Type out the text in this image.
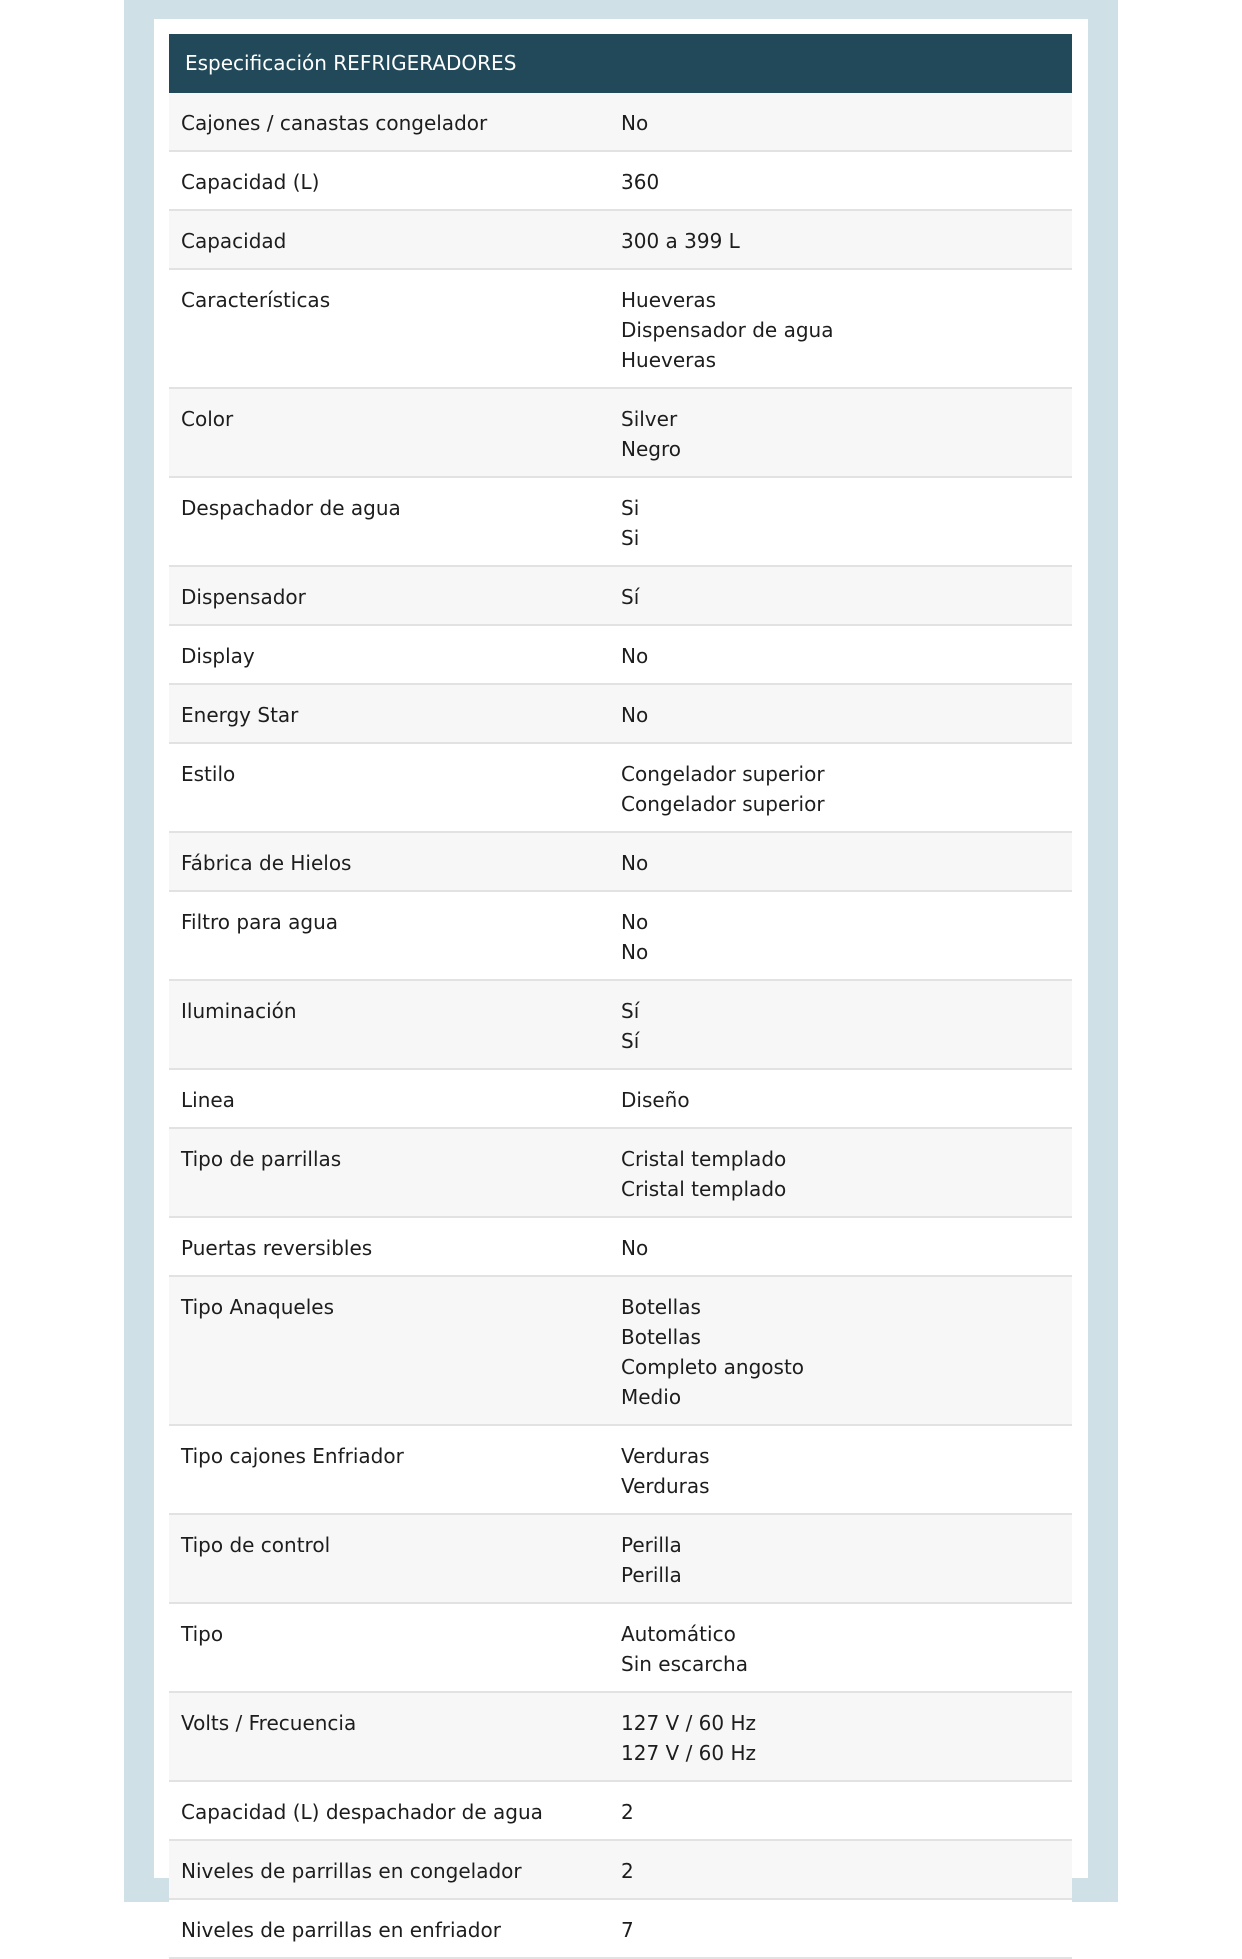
Especificación REFRIGERADORES
Cajones / canastas congelador	No
Capacidad (L)	360
Capacidad	300 a 399 L
Características	Hueveras
Dispensador de agua
Hueveras
Color	Silver
Negro
Despachador de agua	Si
Si
Dispensador	Sí
Display	No
Energy Star	No
Estilo	Congelador superior
Congelador superior
Fábrica de Hielos	No
Filtro para agua	No
No
Iluminación	Sí
Sí
Linea	Diseño
Tipo de parrillas	Cristal templado
Cristal templado
Puertas reversibles	No
Tipo Anaqueles	Botellas
Botellas
Completo angosto
Medio
Tipo cajones Enfriador	Verduras
Verduras
Tipo de control	Perilla
Perilla
Tipo	Automático
Sin escarcha
Volts / Frecuencia	127 V / 60 Hz
127 V / 60 Hz
Capacidad (L) despachador de agua	2
Niveles de parrillas en congelador	2
Niveles de parrillas en enfriador	7
